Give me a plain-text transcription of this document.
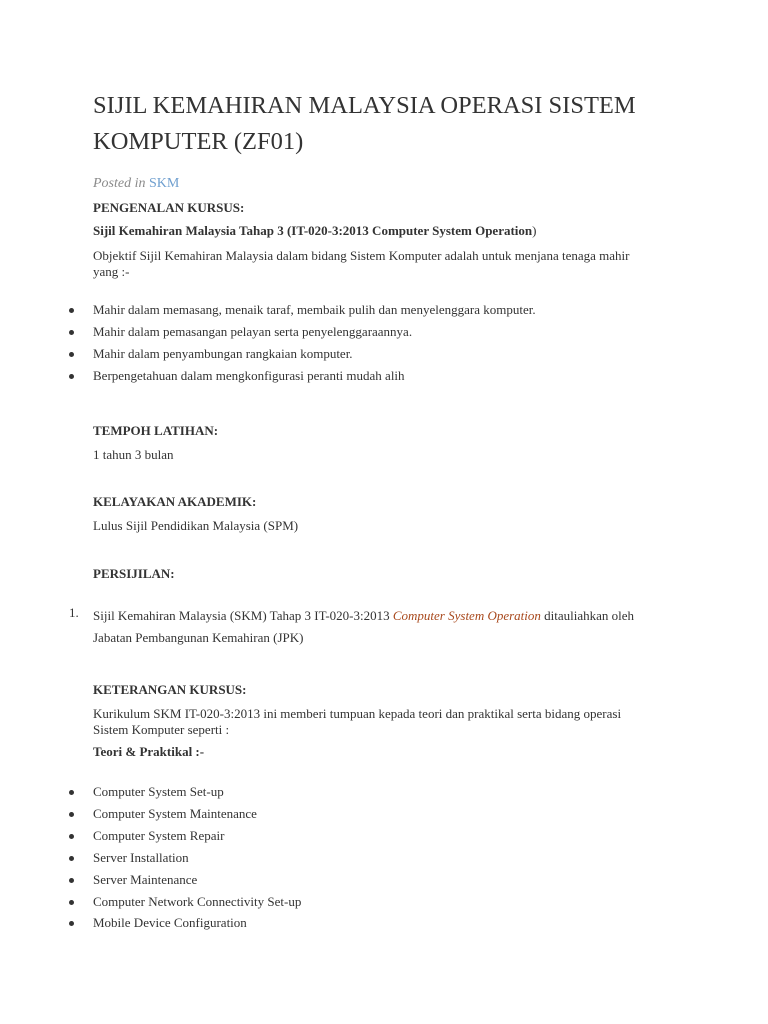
SIJIL KEMAHIRAN MALAYSIA OPERASI SISTEM
KOMPUTER (ZF01)
Posted in SKM
PENGENALAN KURSUS:
Sijil Kemahiran Malaysia Tahap 3 (IT-020-3:2013 Computer System Operation)
Objektif Sijil Kemahiran Malaysia dalam bidang Sistem Komputer adalah untuk menjana tenaga mahir
yang :-
Mahir dalam memasang, menaik taraf, membaik pulih dan menyelenggara komputer.
Mahir dalam pemasangan pelayan serta penyelenggaraannya.
Mahir dalam penyambungan rangkaian komputer.
Berpengetahuan dalam mengkonfigurasi peranti mudah alih
TEMPOH LATIHAN:
1 tahun 3 bulan
KELAYAKAN AKADEMIK:
Lulus Sijil Pendidikan Malaysia (SPM)
PERSIJILAN:
1. Sijil Kemahiran Malaysia (SKM) Tahap 3 IT-020-3:2013 Computer System Operation ditauliahkan oleh
Jabatan Pembangunan Kemahiran (JPK)
KETERANGAN KURSUS:
Kurikulum SKM IT-020-3:2013 ini memberi tumpuan kepada teori dan praktikal serta bidang operasi
Sistem Komputer seperti :
Teori & Praktikal :-
Computer System Set-up
Computer System Maintenance
Computer System Repair
Server Installation
Server Maintenance
Computer Network Connectivity Set-up
Mobile Device Configuration
